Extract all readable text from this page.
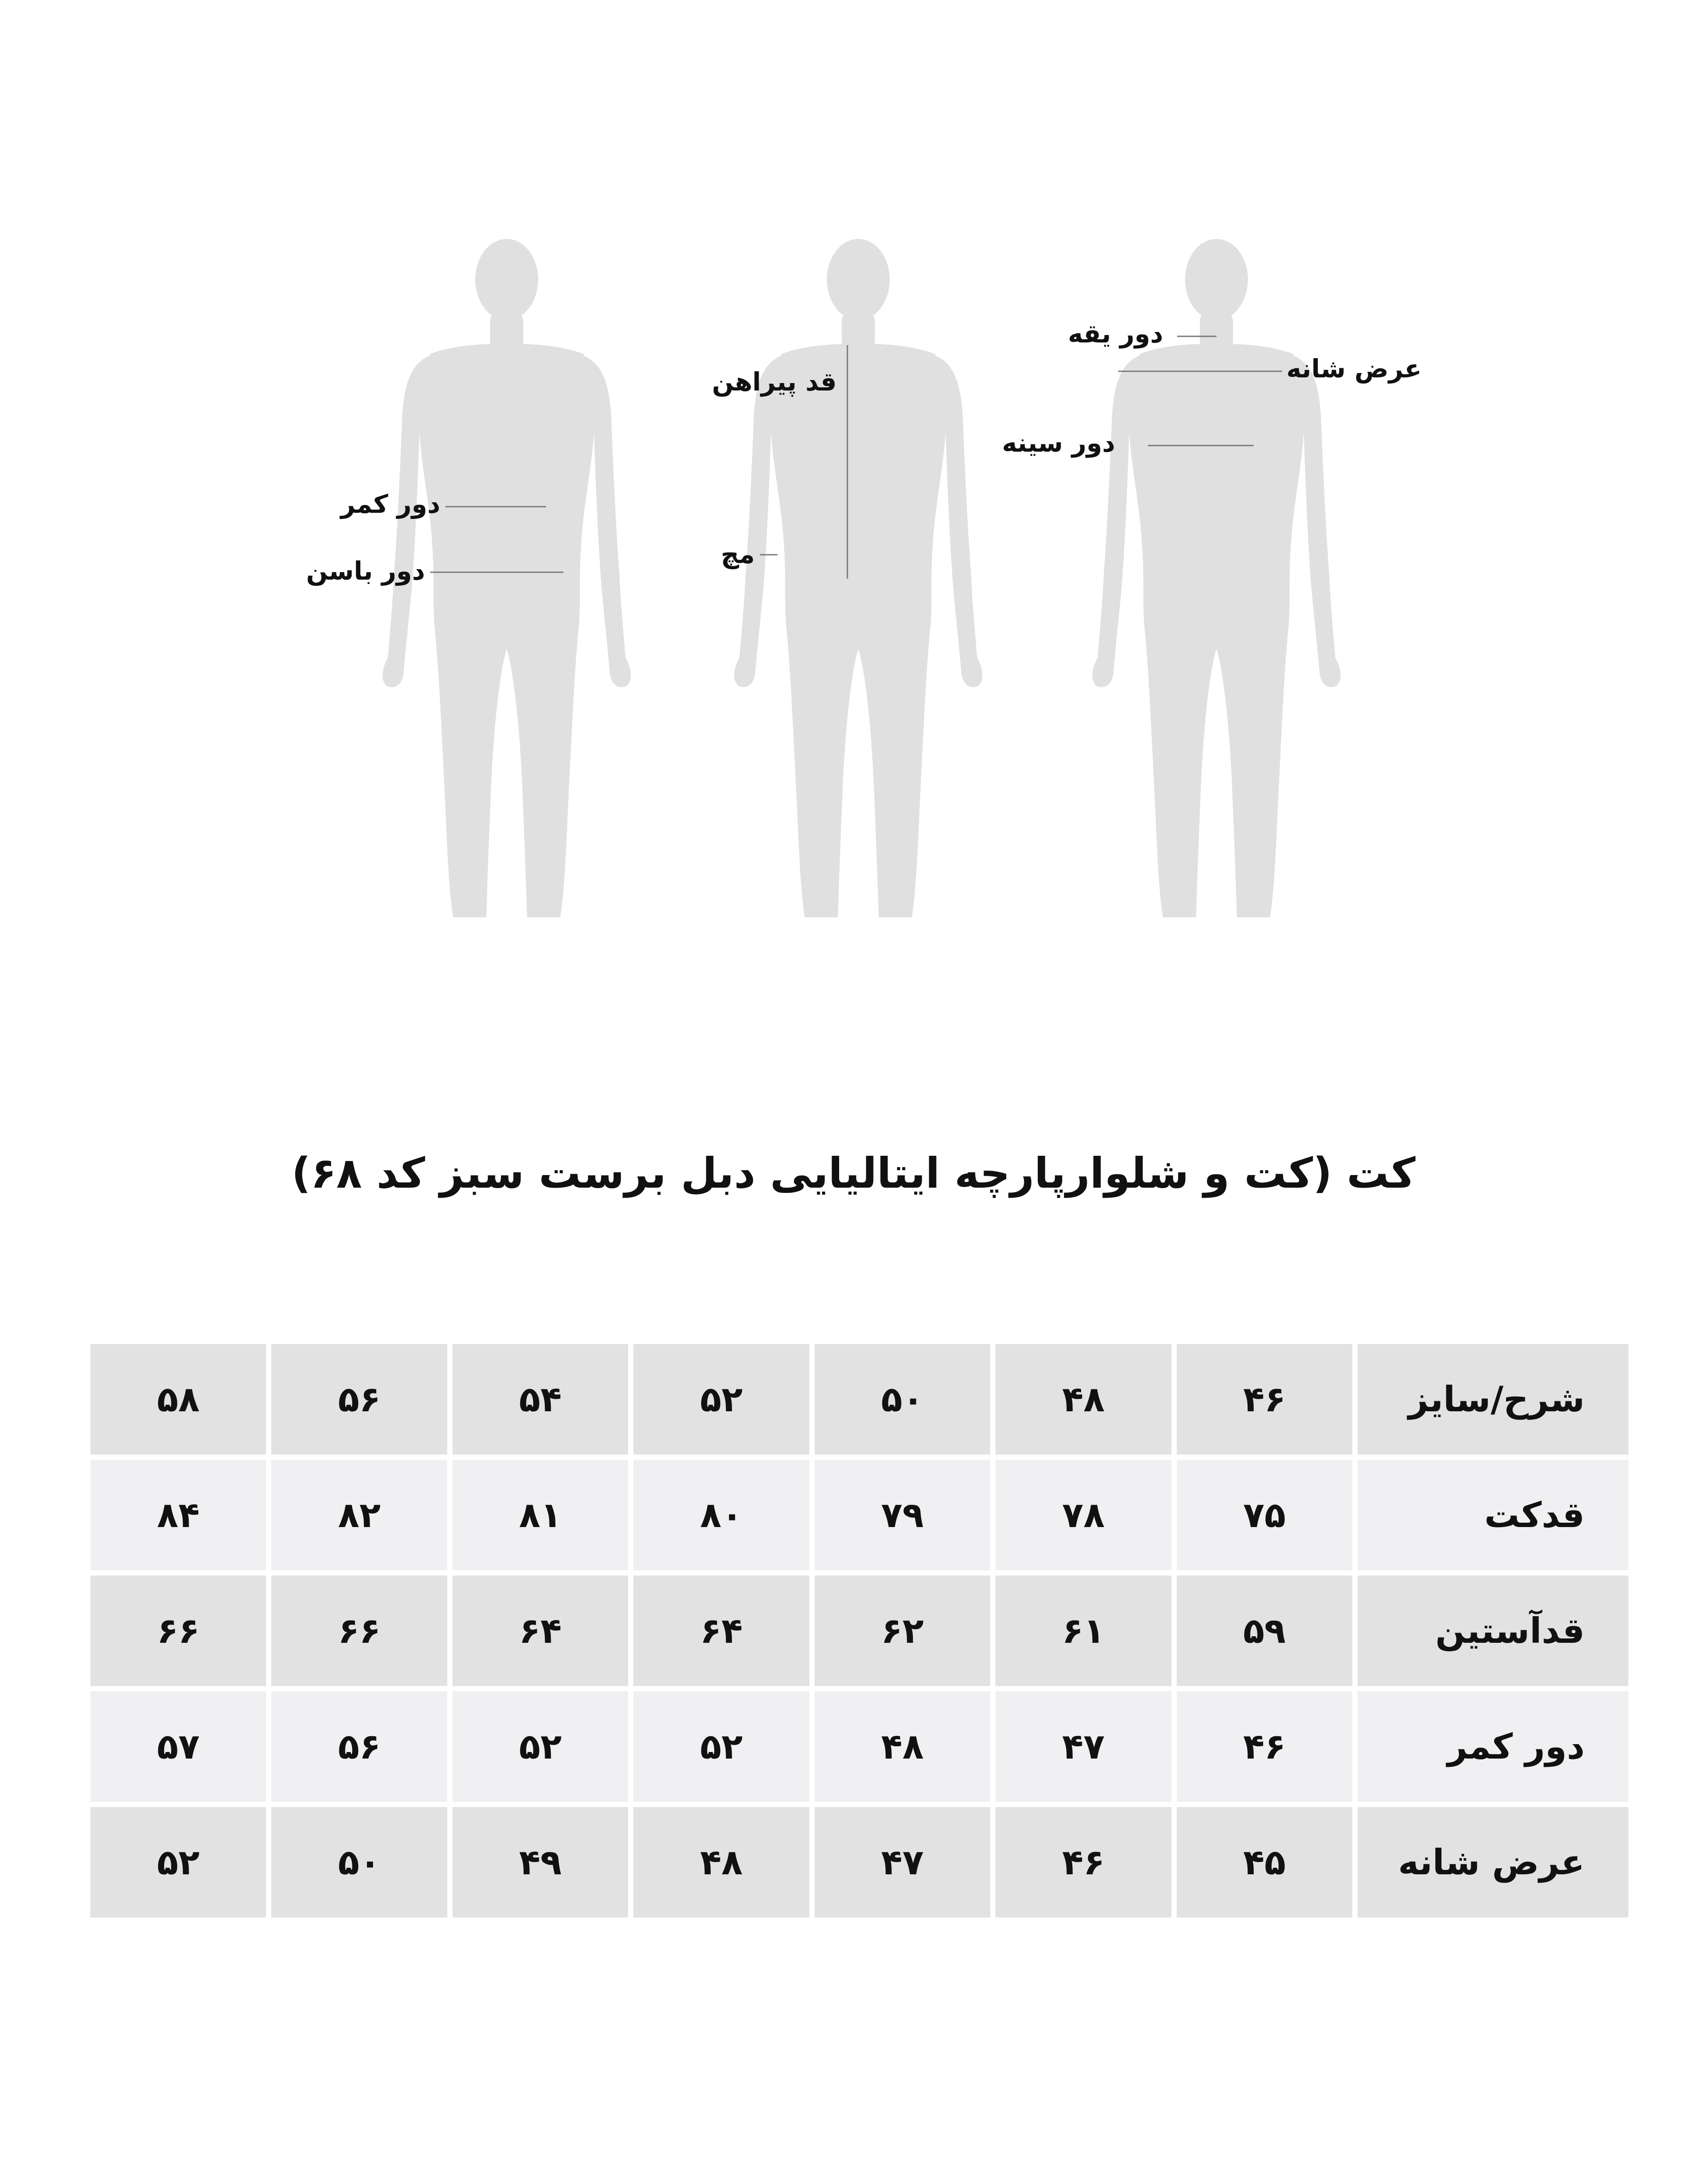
دور یقه
عرض شانه
دور سینه
قد پیراهن
مچ
دور کمر
دور باسن
کت (کت و شلوارپارچه ایتالیایی دبل برست سبز کد ۶۸)
شرح/سایز	۴۶	۴۸	۵۰	۵۲	۵۴	۵۶	۵۸
قدکت	۷۵	۷۸	۷۹	۸۰	۸۱	۸۲	۸۴
قدآستین	۵۹	۶۱	۶۲	۶۴	۶۴	۶۶	۶۶
دور کمر	۴۶	۴۷	۴۸	۵۲	۵۲	۵۶	۵۷
عرض شانه	۴۵	۴۶	۴۷	۴۸	۴۹	۵۰	۵۲
